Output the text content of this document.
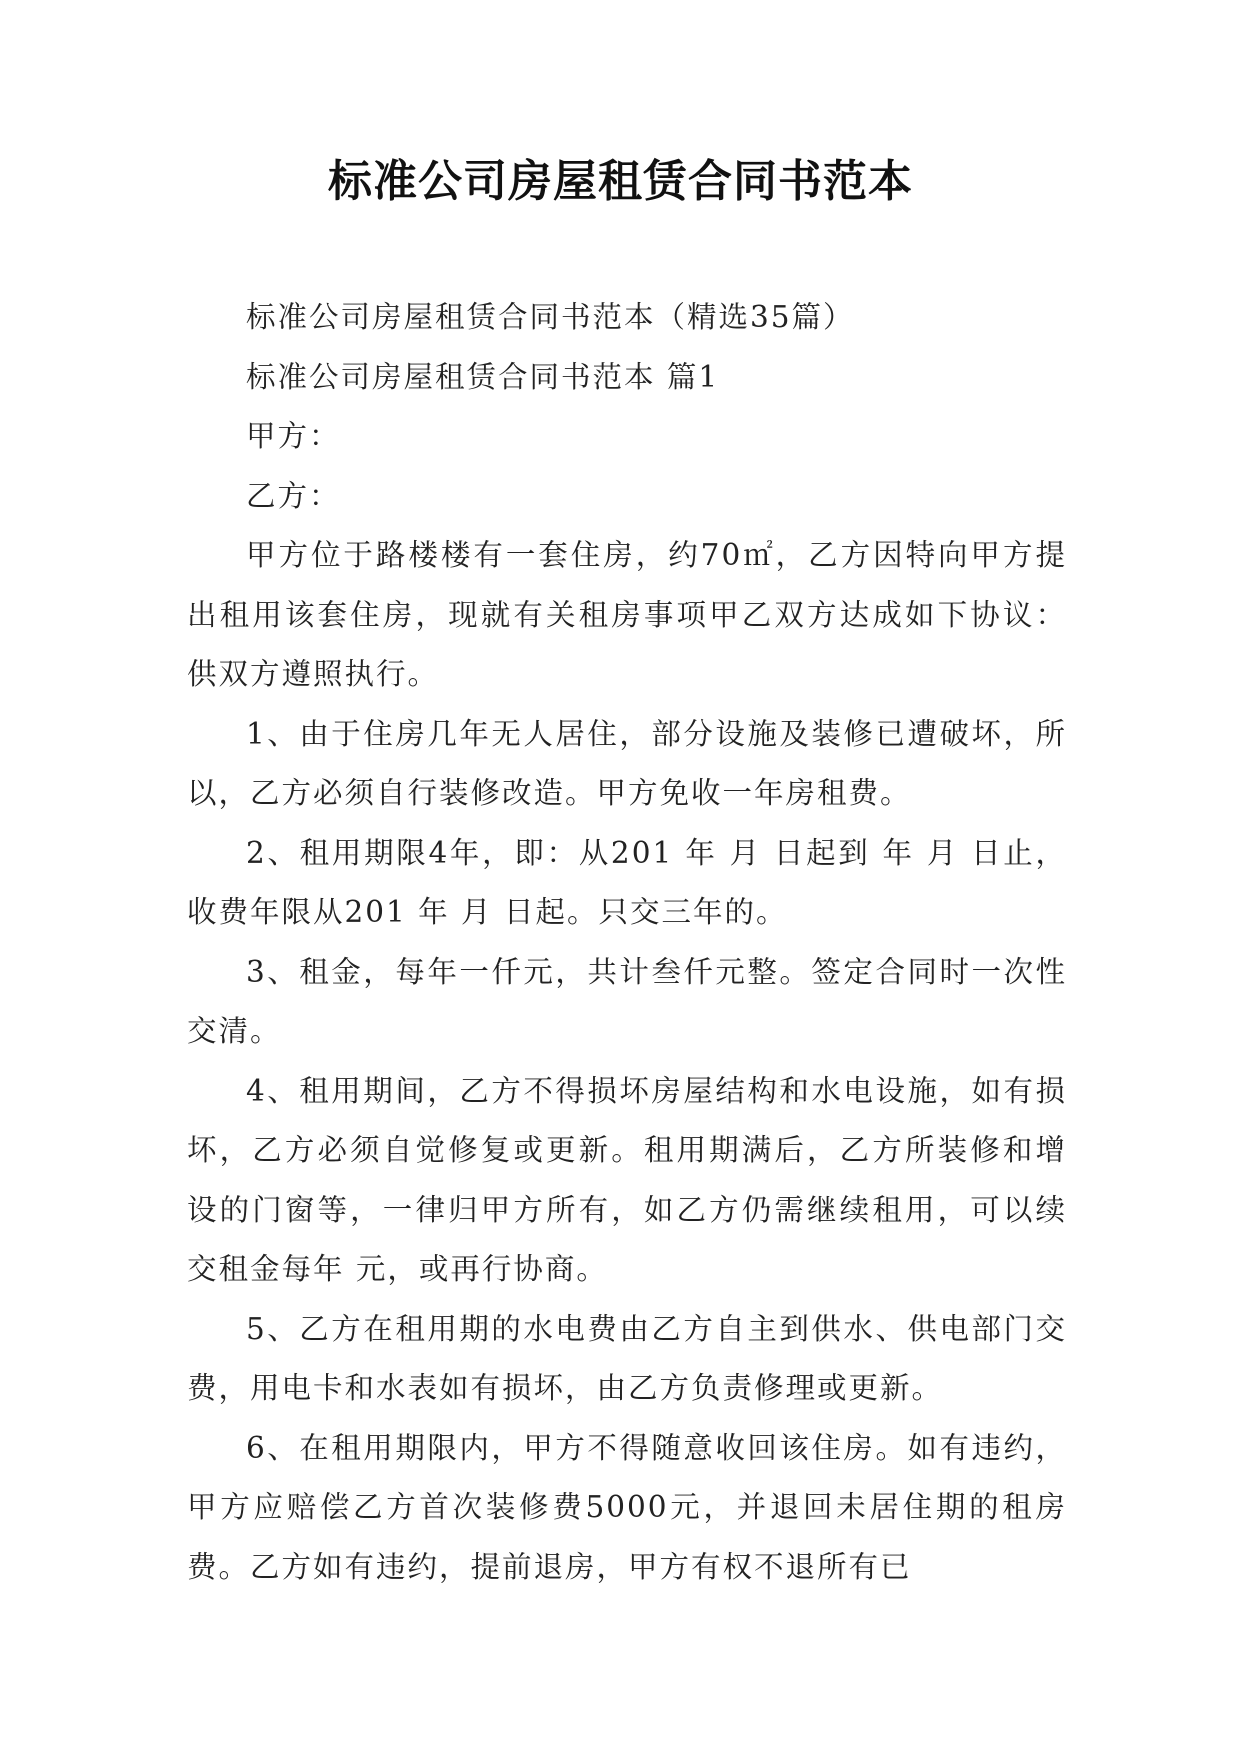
标准公司房屋租赁合同书范本

标准公司房屋租赁合同书范本（精选35篇）

标准公司房屋租赁合同书范本 篇1

甲方：

乙方：

甲方位于路楼楼有一套住房，约70㎡，乙方因特向甲方提出租用该套住房，现就有关租房事项甲乙双方达成如下协议：供双方遵照执行。

1、由于住房几年无人居住，部分设施及装修已遭破坏，所以，乙方必须自行装修改造。甲方免收一年房租费。

2、租用期限4年，即：从201 年 月 日起到 年 月 日止，收费年限从201 年 月 日起。只交三年的。

3、租金，每年一仟元，共计叁仟元整。签定合同时一次性交清。

4、租用期间，乙方不得损坏房屋结构和水电设施，如有损坏，乙方必须自觉修复或更新。租用期满后，乙方所装修和增设的门窗等，一律归甲方所有，如乙方仍需继续租用，可以续交租金每年 元，或再行协商。

5、乙方在租用期的水电费由乙方自主到供水、供电部门交费，用电卡和水表如有损坏，由乙方负责修理或更新。

6、在租用期限内，甲方不得随意收回该住房。如有违约，甲方应赔偿乙方首次装修费5000元，并退回未居住期的租房费。乙方如有违约，提前退房，甲方有权不退所有已
